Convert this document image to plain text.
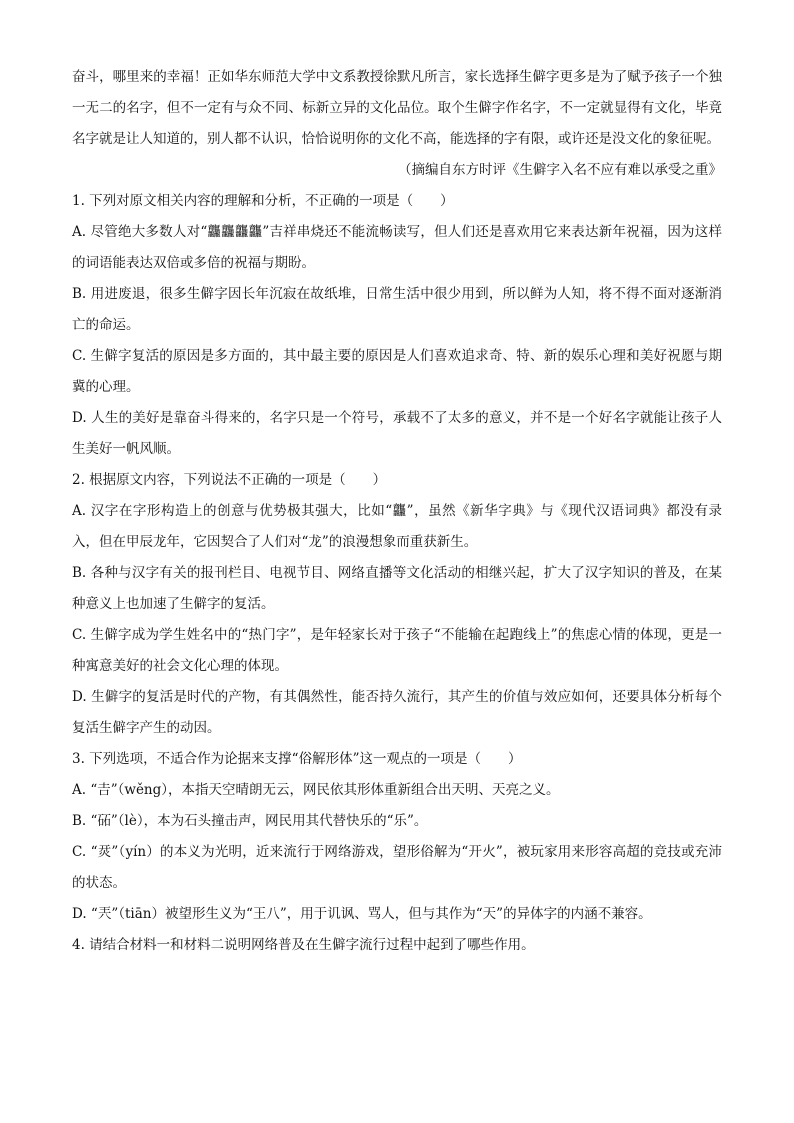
奋斗，哪里来的幸福！正如华东师范大学中文系教授徐默凡所言，家长选择生僻字更多是为了赋予孩子一个独一无二的名字，但不一定有与众不同、标新立异的文化品位。取个生僻字作名字，不一定就显得有文化，毕竟名字就是让人知道的，别人都不认识，恰恰说明你的文化不高，能选择的字有限，或许还是没文化的象征呢。

（摘编自东方时评《生僻字入名不应有难以承受之重》

1. 下列对原文相关内容的理解和分析，不正确的一项是（　　）

A. 尽管绝大多数人对“龘龘龘龘”吉祥串烧还不能流畅读写，但人们还是喜欢用它来表达新年祝福，因为这样的词语能表达双倍或多倍的祝福与期盼。

B. 用进废退，很多生僻字因长年沉寂在故纸堆，日常生活中很少用到，所以鲜为人知，将不得不面对逐渐消亡的命运。

C. 生僻字复活的原因是多方面的，其中最主要的原因是人们喜欢追求奇、特、新的娱乐心理和美好祝愿与期冀的心理。

D. 人生的美好是靠奋斗得来的，名字只是一个符号，承载不了太多的意义，并不是一个好名字就能让孩子人生美好一帆风顺。

2. 根据原文内容，下列说法不正确的一项是（　　）

A. 汉字在字形构造上的创意与优势极其强大，比如“龘”，虽然《新华字典》与《现代汉语词典》都没有录入，但在甲辰龙年，它因契合了人们对“龙”的浪漫想象而重获新生。

B. 各种与汉字有关的报刊栏目、电视节目、网络直播等文化活动的相继兴起，扩大了汉字知识的普及，在某种意义上也加速了生僻字的复活。

C. 生僻字成为学生姓名中的“热门字”，是年轻家长对于孩子“不能输在起跑线上”的焦虑心情的体现，更是一种寓意美好的社会文化心理的体现。

D. 生僻字的复活是时代的产物，有其偶然性，能否持久流行，其产生的价值与效应如何，还要具体分析每个复活生僻字产生的动因。

3. 下列选项，不适合作为论据来支撑“俗解形体”这一观点的一项是（　　）

A. “𠮷”（wěng），本指天空晴朗无云，网民依其形体重新组合出天明、天亮之义。

B. “砳”（lè），本为石头撞击声，网民用其代替快乐的“乐”。

C. “烎”（yín）的本义为光明，近来流行于网络游戏，望形俗解为“开火”，被玩家用来形容高超的竞技或充沛的状态。

D. “兲”（tiān）被望形生义为“王八”，用于讥讽、骂人，但与其作为“天”的异体字的内涵不兼容。

4. 请结合材料一和材料二说明网络普及在生僻字流行过程中起到了哪些作用。
